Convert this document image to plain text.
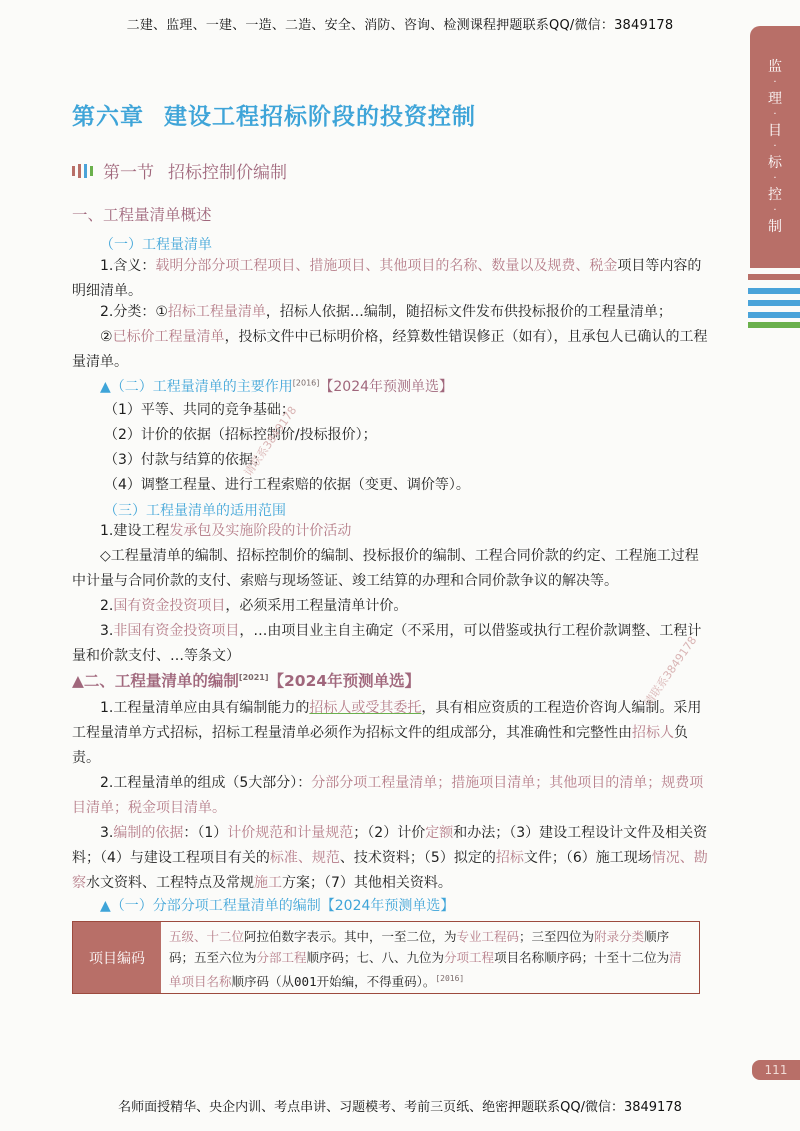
二建、监理、一建、一造、二造、安全、消防、咨询、检测课程押题联系QQ/微信：3849178
监
·
理
·
目
·
标
·
控
·
制
第六章 建设工程招标阶段的投资控制
第一节 招标控制价编制
一、工程量清单概述
（一）工程量清单
1.含义：载明分部分项工程项目、措施项目、其他项目的名称、数量以及规费、税金项目等内容的明细清单。
2.分类：①招标工程量清单，招标人依据…编制，随招标文件发布供投标报价的工程量清单；
②已标价工程量清单，投标文件中已标明价格，经算数性错误修正（如有），且承包人已确认的工程量清单。
▲（二）工程量清单的主要作用[2016]【2024年预测单选】
（1）平等、共同的竞争基础；
（2）计价的依据（招标控制价/投标报价）；
（3）付款与结算的依据；
（4）调整工程量、进行工程索赔的依据（变更、调价等）。
（三）工程量清单的适用范围
1.建设工程发承包及实施阶段的计价活动
◇工程量清单的编制、招标控制价的编制、投标报价的编制、工程合同价款的约定、工程施工过程中计量与合同价款的支付、索赔与现场签证、竣工结算的办理和合同价款争议的解决等。
2.国有资金投资项目，必须采用工程量清单计价。
3.非国有资金投资项目，…由项目业主自主确定（不采用，可以借鉴或执行工程价款调整、工程计量和价款支付、…等条文）
▲二、工程量清单的编制[2021]【2024年预测单选】
1.工程量清单应由具有编制能力的招标人或受其委托，具有相应资质的工程造价咨询人编制。采用工程量清单方式招标，招标工程量清单必须作为招标文件的组成部分，其准确性和完整性由招标人负责。
2.工程量清单的组成（5大部分）：分部分项工程量清单；措施项目清单；其他项目的清单；规费项目清单；税金项目清单。
3.编制的依据：（1）计价规范和计量规范；（2）计价定额和办法；（3）建设工程设计文件及相关资料；（4）与建设工程项目有关的标准、规范、技术资料；（5）拟定的招标文件；（6）施工现场情况、勘察水文资料、工程特点及常规施工方案；（7）其他相关资料。
▲（一）分部分项工程量清单的编制【2024年预测单选】
项目编码
五级、十二位阿拉伯数字表示。其中，一至二位，为专业工程码；三至四位为附录分类顺序码；五至六位为分部工程顺序码；七、八、九位为分项工程项目名称顺序码；十至十二位为清单项目名称顺序码（从001开始编，不得重码）。[2016]
111
请联系3849178
请联系3849178
名师面授精华、央企内训、考点串讲、习题模考、考前三页纸、绝密押题联系QQ/微信：3849178
